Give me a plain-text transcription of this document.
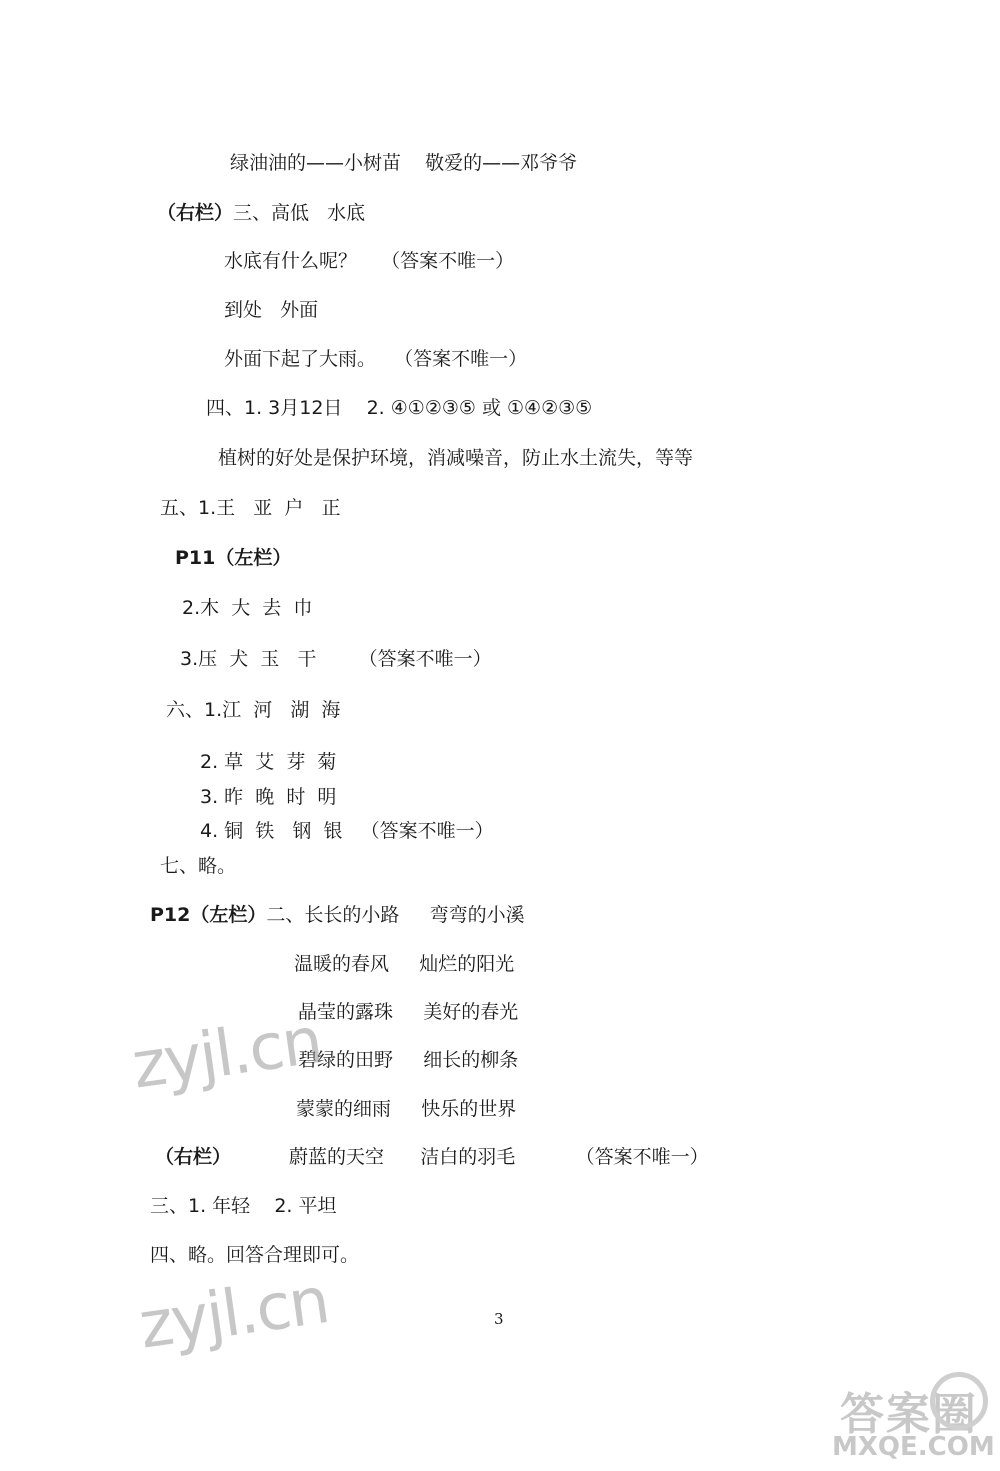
绿油油的——小树苗    敬爱的——邓爷爷
（右栏）三、高低   水底
水底有什么呢？    （答案不唯一）
到处   外面
外面下起了大雨。   （答案不唯一）
四、1. 3月12日    2. ④①②③⑤ 或 ①④②③⑤
植树的好处是保护环境，消减噪音，防止水土流失，等等
五、1.王   亚  户   正
P11（左栏）
2.木  大  去  巾
3.压  犬  玉   干       （答案不唯一）
六、1.江  河   湖  海
2. 草  艾  芽  菊
3. 昨  晚  时  明
4. 铜  铁   钢  银   （答案不唯一）
七、略。
P12（左栏）二、长长的小路     弯弯的小溪
温暖的春风     灿烂的阳光
晶莹的露珠     美好的春光
碧绿的田野     细长的柳条
蒙蒙的细雨     快乐的世界
（右栏）	蔚蓝的天空      洁白的羽毛          （答案不唯一）
三、1. 年轻    2. 平坦
四、略。回答合理即可。
zyjl.cn
zyjl.cn	3
答案圈
MXQE.COM
